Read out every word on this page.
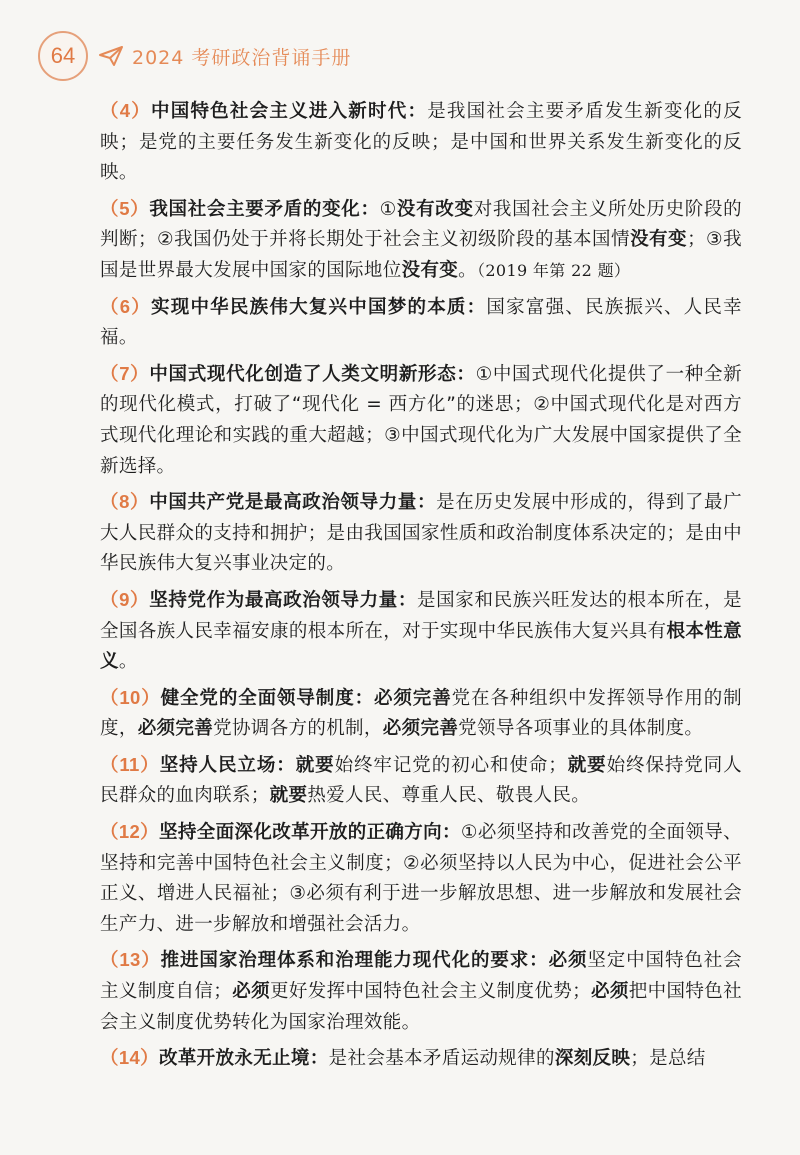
64	2024 考研政治背诵手册

（4）中国特色社会主义进入新时代：是我国社会主要矛盾发生新变化的反映；是党的主要任务发生新变化的反映；是中国和世界关系发生新变化的反映。

（5）我国社会主要矛盾的变化：①没有改变对我国社会主义所处历史阶段的判断；②我国仍处于并将长期处于社会主义初级阶段的基本国情没有变；③我国是世界最大发展中国家的国际地位没有变。（2019 年第 22 题）

（6）实现中华民族伟大复兴中国梦的本质：国家富强、民族振兴、人民幸福。

（7）中国式现代化创造了人类文明新形态：①中国式现代化提供了一种全新的现代化模式，打破了“现代化 = 西方化”的迷思；②中国式现代化是对西方式现代化理论和实践的重大超越；③中国式现代化为广大发展中国家提供了全新选择。

（8）中国共产党是最高政治领导力量：是在历史发展中形成的，得到了最广大人民群众的支持和拥护；是由我国国家性质和政治制度体系决定的；是由中华民族伟大复兴事业决定的。

（9）坚持党作为最高政治领导力量：是国家和民族兴旺发达的根本所在，是全国各族人民幸福安康的根本所在，对于实现中华民族伟大复兴具有根本性意义。

（10）健全党的全面领导制度：必须完善党在各种组织中发挥领导作用的制度，必须完善党协调各方的机制，必须完善党领导各项事业的具体制度。

（11）坚持人民立场：就要始终牢记党的初心和使命；就要始终保持党同人民群众的血肉联系；就要热爱人民、尊重人民、敬畏人民。

（12）坚持全面深化改革开放的正确方向：①必须坚持和改善党的全面领导、坚持和完善中国特色社会主义制度；②必须坚持以人民为中心，促进社会公平正义、增进人民福祉；③必须有利于进一步解放思想、进一步解放和发展社会生产力、进一步解放和增强社会活力。

（13）推进国家治理体系和治理能力现代化的要求：必须坚定中国特色社会主义制度自信；必须更好发挥中国特色社会主义制度优势；必须把中国特色社会主义制度优势转化为国家治理效能。

（14）改革开放永无止境：是社会基本矛盾运动规律的深刻反映；是总结
